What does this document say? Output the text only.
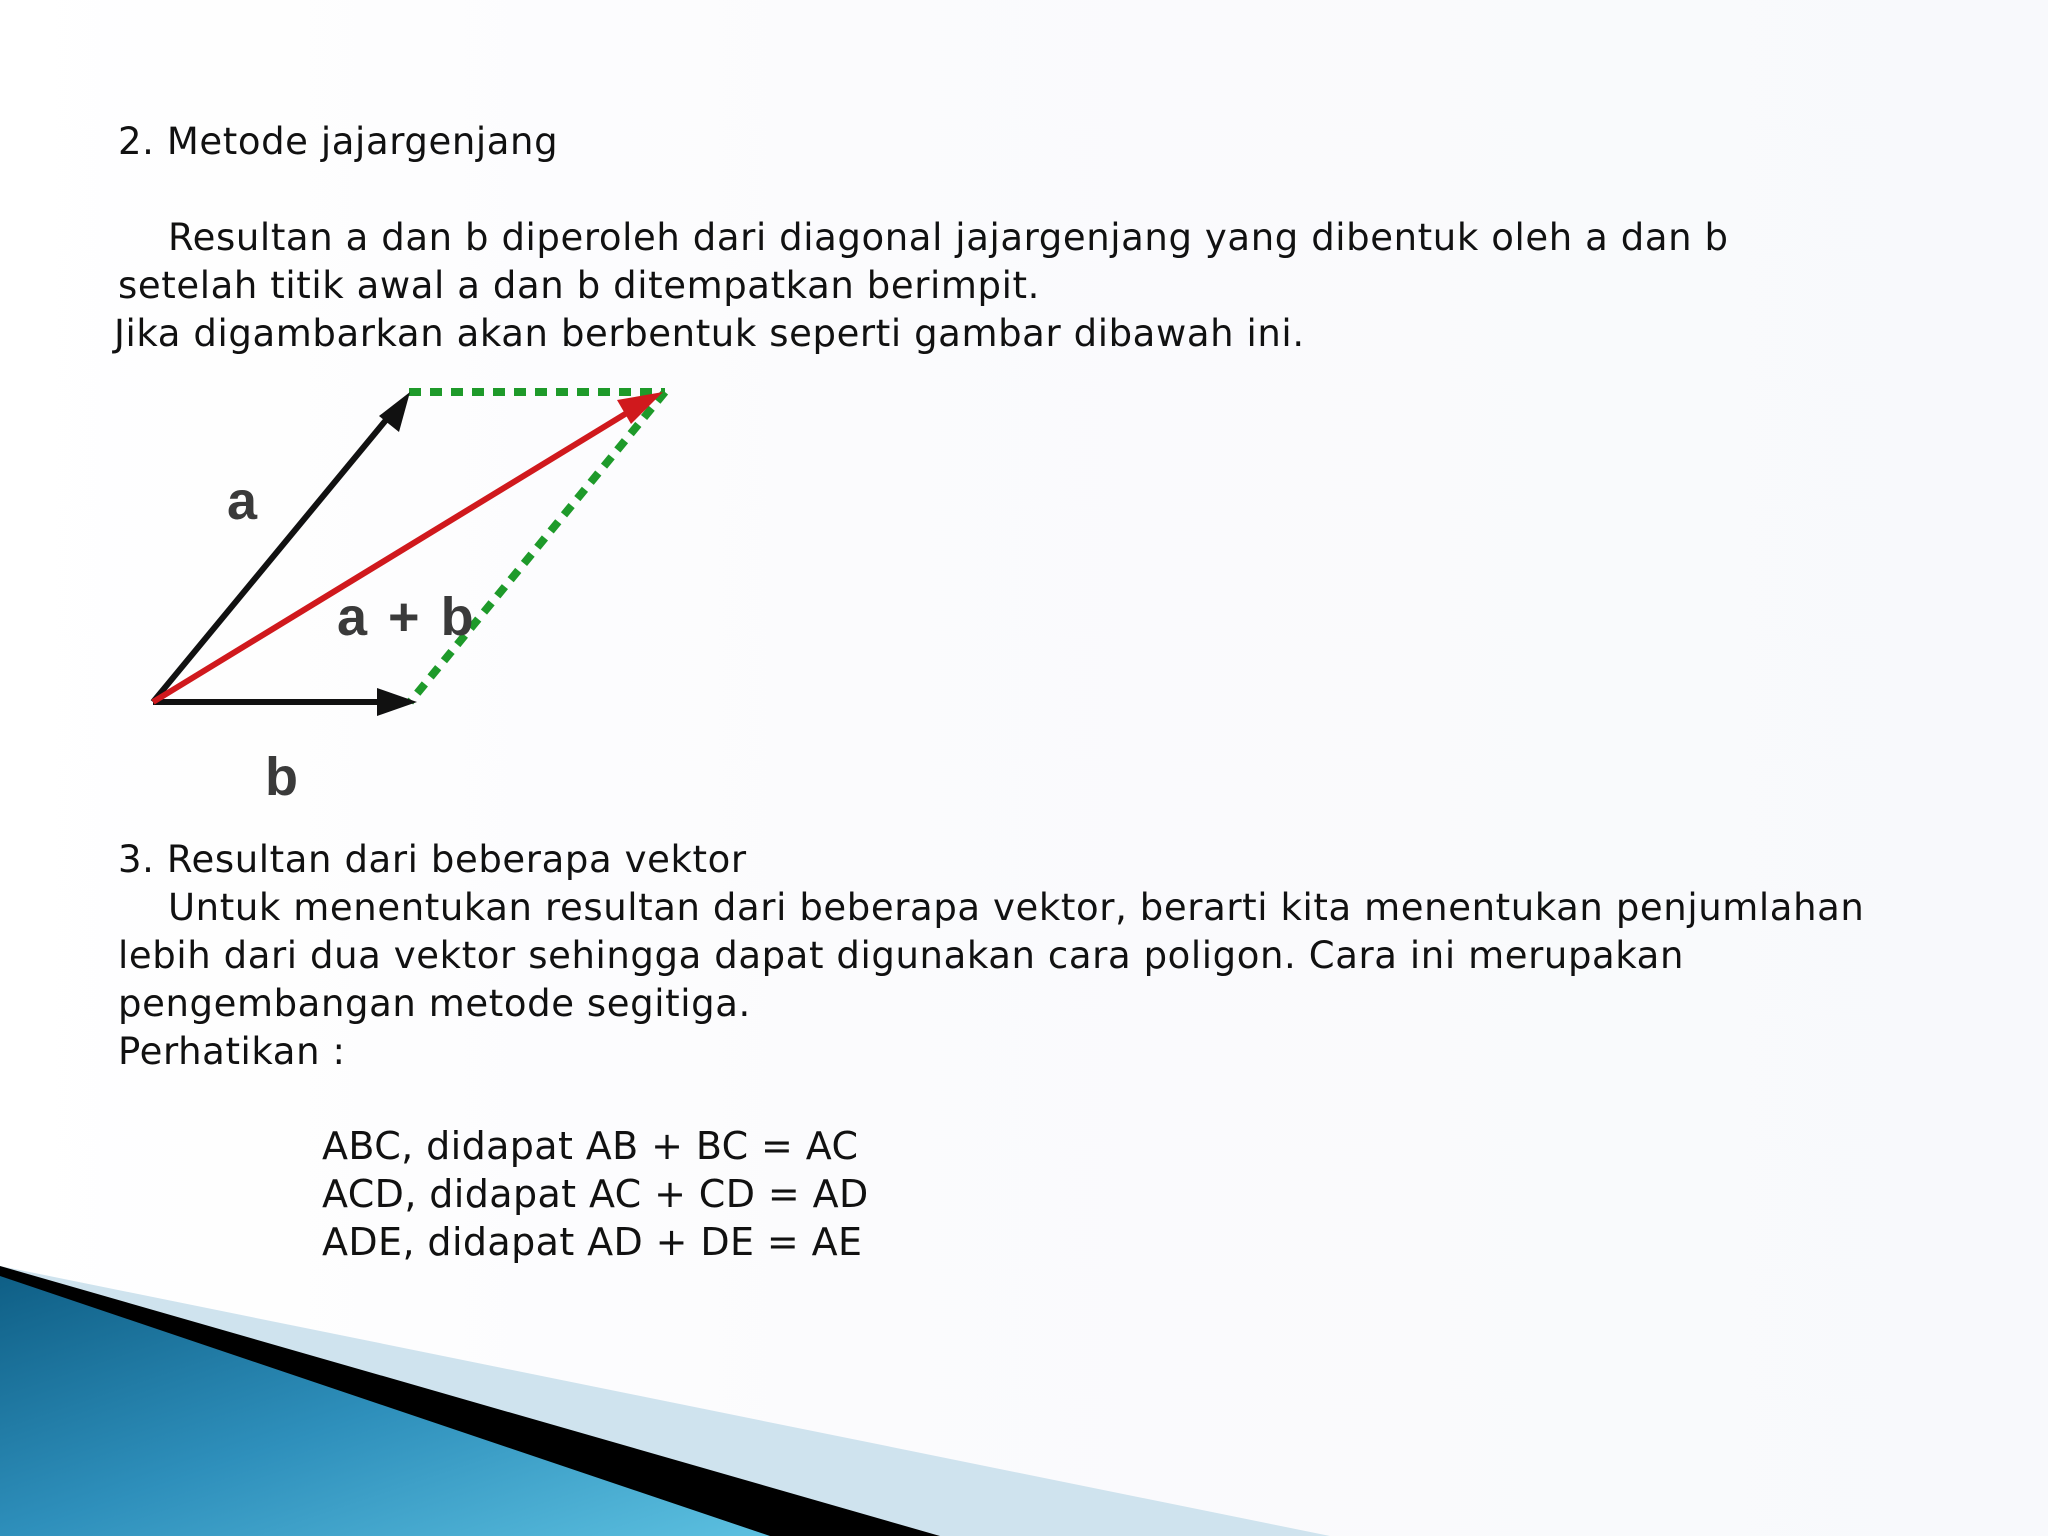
2. Metode jajargenjang
Resultan a dan b diperoleh dari diagonal jajargenjang yang dibentuk oleh a dan b
setelah titik awal a dan b ditempatkan berimpit.
Jika digambarkan akan berbentuk seperti gambar dibawah ini.
a
a + b
b
3. Resultan dari beberapa vektor
Untuk menentukan resultan dari beberapa vektor, berarti kita menentukan penjumlahan
lebih dari dua vektor sehingga dapat digunakan cara poligon. Cara ini merupakan
pengembangan metode segitiga.
Perhatikan :
ABC, didapat AB + BC = AC
ACD, didapat AC + CD = AD
ADE, didapat AD + DE = AE
